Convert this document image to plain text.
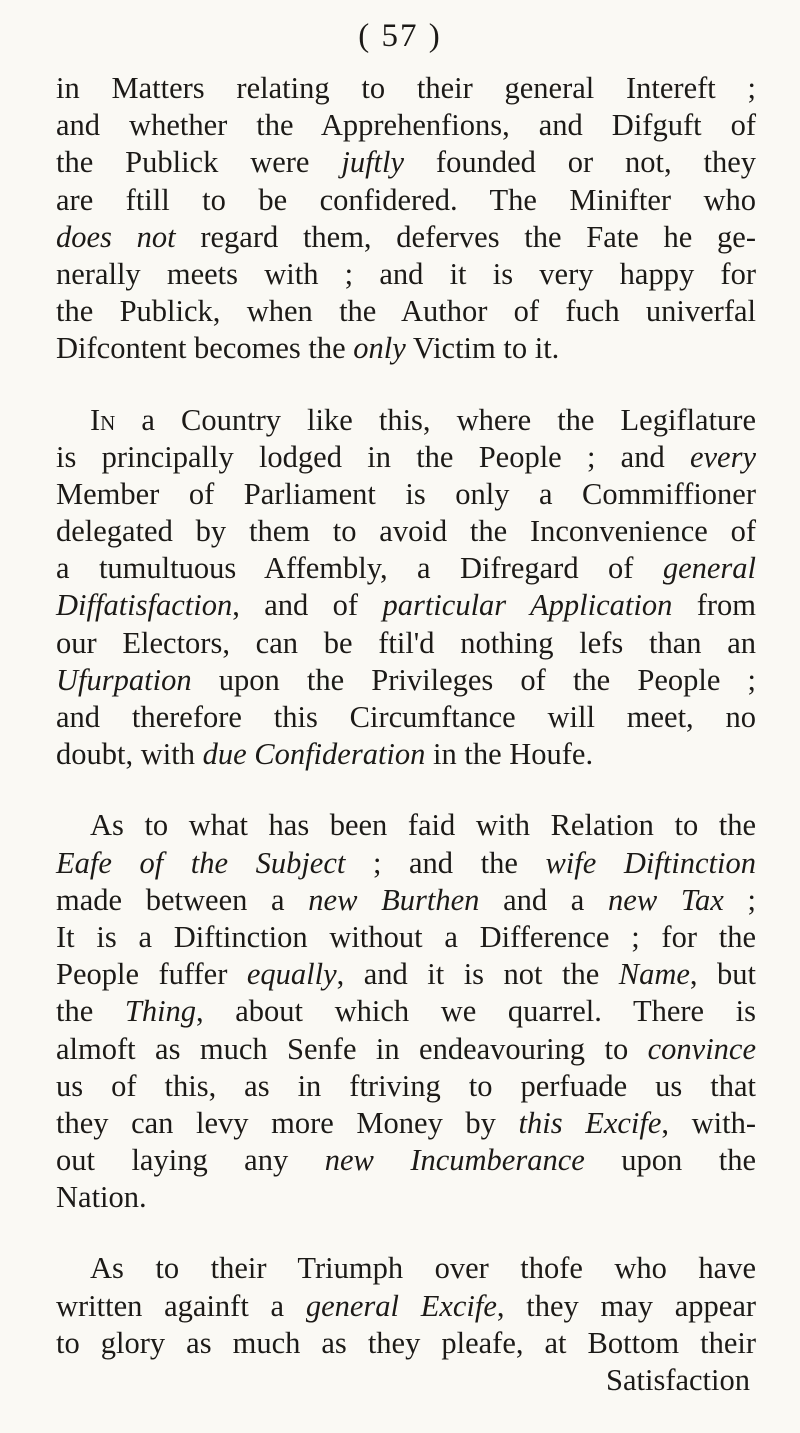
( 57 )
in Matters relating to their general Intereft ;
and whether the Apprehenfions, and Difguft of
the Publick were juftly founded or not, they
are ftill to be confidered. The Minifter who
does not regard them, deferves the Fate he ge-
nerally meets with ; and it is very happy for
the Publick, when the Author of fuch univerfal
Difcontent becomes the only Victim to it.
In a Country like this, where the Legiflature
is principally lodged in the People ; and every
Member of Parliament is only a Commiffioner
delegated by them to avoid the Inconvenience of
a tumultuous Affembly, a Difregard of general
Diffatisfaction, and of particular Application from
our Electors, can be ftil'd nothing lefs than an
Ufurpation upon the Privileges of the People ;
and therefore this Circumftance will meet, no
doubt, with due Confideration in the Houfe.
As to what has been faid with Relation to the
Eafe of the Subject ; and the wife Diftinction
made between a new Burthen and a new Tax ;
It is a Diftinction without a Difference ; for the
People fuffer equally, and it is not the Name, but
the Thing, about which we quarrel. There is
almoft as much Senfe in endeavouring to convince
us of this, as in ftriving to perfuade us that
they can levy more Money by this Excife, with-
out laying any new Incumberance upon the
Nation.
As to their Triumph over thofe who have
written againft a general Excife, they may appear
to glory as much as they pleafe, at Bottom their
Satisfaction
